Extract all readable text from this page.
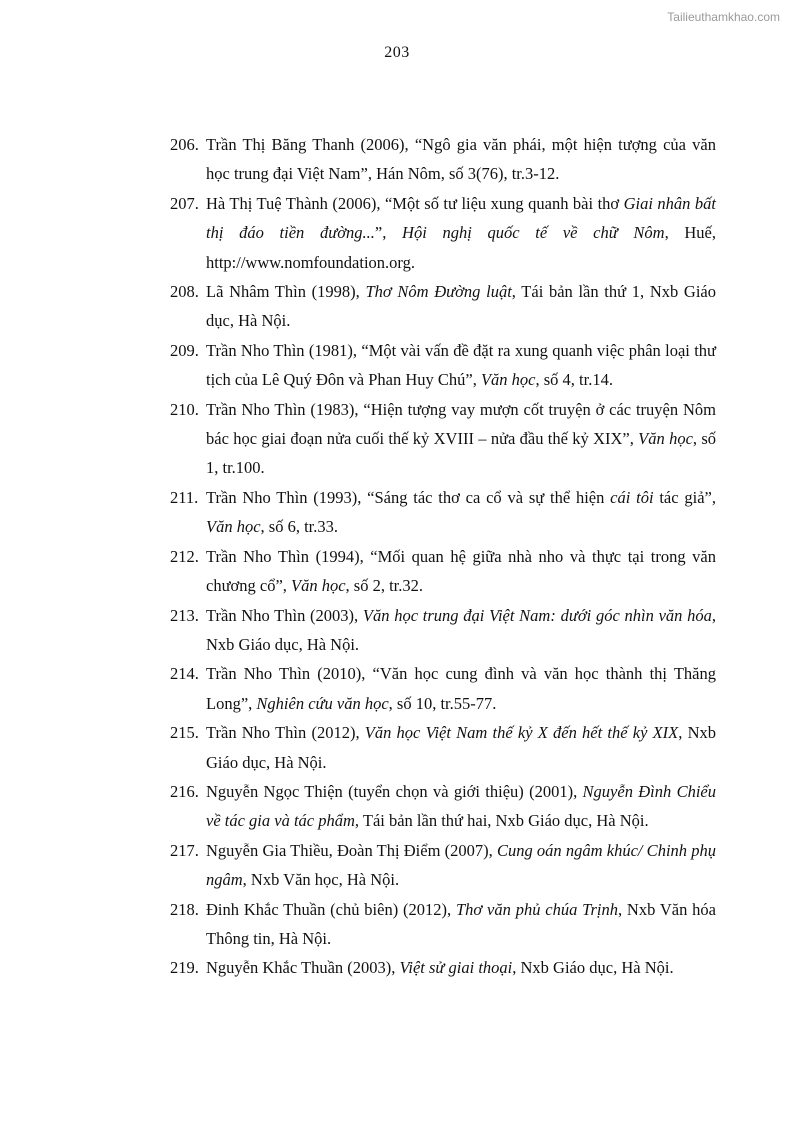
Tailieuthamkhao.com
203
206. Trần Thị Băng Thanh (2006), “Ngô gia văn phái, một hiện tượng của văn học trung đại Việt Nam”, Hán Nôm, số 3(76), tr.3-12.
207. Hà Thị Tuệ Thành (2006), “Một số tư liệu xung quanh bài thơ Giai nhân bất thị đáo tiền đường...”, Hội nghị quốc tế về chữ Nôm, Huế, http://www.nomfoundation.org.
208. Lã Nhâm Thìn (1998), Thơ Nôm Đường luật, Tái bản lần thứ 1, Nxb Giáo dục, Hà Nội.
209. Trần Nho Thìn (1981), “Một vài vấn đề đặt ra xung quanh việc phân loại thư tịch của Lê Quý Đôn và Phan Huy Chú”, Văn học, số 4, tr.14.
210. Trần Nho Thìn (1983), “Hiện tượng vay mượn cốt truyện ở các truyện Nôm bác học giai đoạn nửa cuối thế kỷ XVIII – nửa đầu thế kỷ XIX”, Văn học, số 1, tr.100.
211. Trần Nho Thìn (1993), “Sáng tác thơ ca cổ và sự thể hiện cái tôi tác giả”, Văn học, số 6, tr.33.
212. Trần Nho Thìn (1994), “Mối quan hệ giữa nhà nho và thực tại trong văn chương cổ”, Văn học, số 2, tr.32.
213. Trần Nho Thìn (2003), Văn học trung đại Việt Nam: dưới góc nhìn văn hóa, Nxb Giáo dục, Hà Nội.
214. Trần Nho Thìn (2010), “Văn học cung đình và văn học thành thị Thăng Long”, Nghiên cứu văn học, số 10, tr.55-77.
215. Trần Nho Thìn (2012), Văn học Việt Nam thế kỷ X đến hết thế kỷ XIX, Nxb Giáo dục, Hà Nội.
216. Nguyễn Ngọc Thiện (tuyển chọn và giới thiệu) (2001), Nguyễn Đình Chiểu về tác gia và tác phẩm, Tái bản lần thứ hai, Nxb Giáo dục, Hà Nội.
217. Nguyễn Gia Thiều, Đoàn Thị Điểm (2007), Cung oán ngâm khúc/ Chinh phụ ngâm, Nxb Văn học, Hà Nội.
218. Đinh Khắc Thuần (chủ biên) (2012), Thơ văn phủ chúa Trịnh, Nxb Văn hóa Thông tin, Hà Nội.
219. Nguyễn Khắc Thuần (2003), Việt sử giai thoại, Nxb Giáo dục, Hà Nội.
